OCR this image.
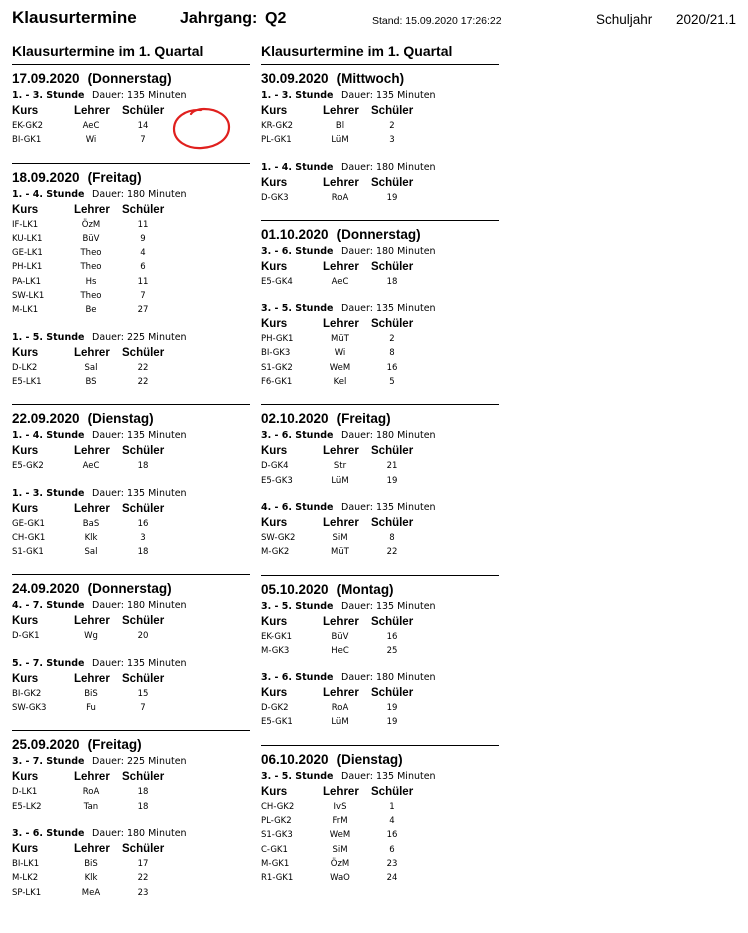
Klausurtermine	Jahrgang: Q2	Stand: 15.09.2020 17:26:22	Schuljahr 2020/21.1
Klausurtermine im 1. Quartal
17.09.2020 (Donnerstag)
1. - 3. Stunde Dauer: 135 Minuten
Kurs	Lehrer Schüler
EK-GK2	AeC	14
BI-GK1	Wi	7
18.09.2020 (Freitag)
1. - 4. Stunde Dauer: 180 Minuten
Kurs	Lehrer Schüler
IF-LK1	ÖzM	11
KU-LK1	BüV	9
GE-LK1	Theo	4
PH-LK1	Theo	6
PA-LK1	Hs	11
SW-LK1	Theo	7
M-LK1	Be	27
1. - 5. Stunde Dauer: 225 Minuten
Kurs	Lehrer Schüler
D-LK2	Sal	22
E5-LK1	BS	22
22.09.2020 (Dienstag)
1. - 4. Stunde Dauer: 135 Minuten
Kurs	Lehrer Schüler
E5-GK2	AeC	18
1. - 3. Stunde Dauer: 135 Minuten
Kurs	Lehrer Schüler
GE-GK1	BaS	16
CH-GK1	Klk	3
S1-GK1	Sal	18
24.09.2020 (Donnerstag)
4. - 7. Stunde Dauer: 180 Minuten
Kurs	Lehrer Schüler
D-GK1	Wg	20
5. - 7. Stunde Dauer: 135 Minuten
Kurs	Lehrer Schüler
BI-GK2	BiS	15
SW-GK3	Fu	7
25.09.2020 (Freitag)
3. - 7. Stunde Dauer: 225 Minuten
Kurs	Lehrer Schüler
D-LK1	RoA	18
E5-LK2	Tan	18
3. - 6. Stunde Dauer: 180 Minuten
Kurs	Lehrer Schüler
BI-LK1	BiS	17
M-LK2	Klk	22
SP-LK1	MeA	23
Klausurtermine im 1. Quartal
30.09.2020 (Mittwoch)
1. - 3. Stunde Dauer: 135 Minuten
Kurs	Lehrer Schüler
KR-GK2	Bl	2
PL-GK1	LüM	3
1. - 4. Stunde Dauer: 180 Minuten
Kurs	Lehrer Schüler
D-GK3	RoA	19
01.10.2020 (Donnerstag)
3. - 6. Stunde Dauer: 180 Minuten
Kurs	Lehrer Schüler
E5-GK4	AeC	18
3. - 5. Stunde Dauer: 135 Minuten
Kurs	Lehrer Schüler
PH-GK1	MüT	2
BI-GK3	Wi	8
S1-GK2	WeM	16
F6-GK1	Kel	5
02.10.2020 (Freitag)
3. - 6. Stunde Dauer: 180 Minuten
Kurs	Lehrer Schüler
D-GK4	Str	21
E5-GK3	LüM	19
4. - 6. Stunde Dauer: 135 Minuten
Kurs	Lehrer Schüler
SW-GK2	SiM	8
M-GK2	MüT	22
05.10.2020 (Montag)
3. - 5. Stunde Dauer: 135 Minuten
Kurs	Lehrer Schüler
EK-GK1	BüV	16
M-GK3	HeC	25
3. - 6. Stunde Dauer: 180 Minuten
Kurs	Lehrer Schüler
D-GK2	RoA	19
E5-GK1	LüM	19
06.10.2020 (Dienstag)
3. - 5. Stunde Dauer: 135 Minuten
Kurs	Lehrer Schüler
CH-GK2	IvS	1
PL-GK2	FrM	4
S1-GK3	WeM	16
C-GK1	SiM	6
M-GK1	ÖzM	23
R1-GK1	WaO	24
